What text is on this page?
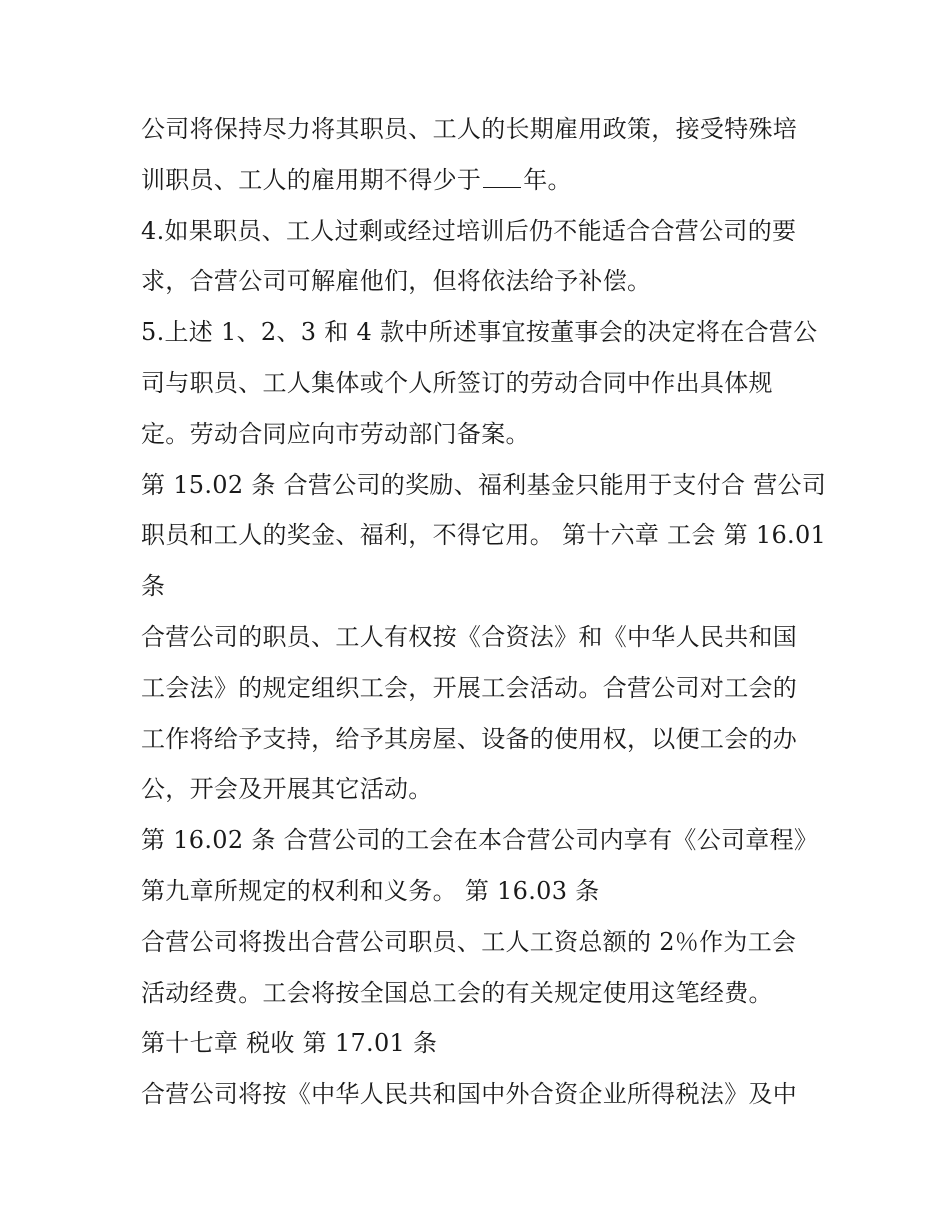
公司将保持尽力将其职员、工人的长期雇用政策，接受特殊培
训职员、工人的雇用期不得少于 年。
4.如果职员、工人过剩或经过培训后仍不能适合合营公司的要
求，合营公司可解雇他们，但将依法给予补偿。
5.上述 1、2、3 和 4 款中所述事宜按董事会的决定将在合营公
司与职员、工人集体或个人所签订的劳动合同中作出具体规
定。劳动合同应向市劳动部门备案。
第 15.02 条 合营公司的奖励、福利基金只能用于支付合 营公司
职员和工人的奖金、福利，不得它用。 第十六章 工会 第 16.01
条
合营公司的职员、工人有权按《合资法》和《中华人民共和国
工会法》的规定组织工会，开展工会活动。合营公司对工会的
工作将给予支持，给予其房屋、设备的使用权，以便工会的办
公，开会及开展其它活动。
第 16.02 条 合营公司的工会在本合营公司内享有《公司章程》
第九章所规定的权利和义务。 第 16.03 条
合营公司将拨出合营公司职员、工人工资总额的 2％作为工会
活动经费。工会将按全国总工会的有关规定使用这笔经费。
第十七章 税收 第 17.01 条
合营公司将按《中华人民共和国中外合资企业所得税法》及中
